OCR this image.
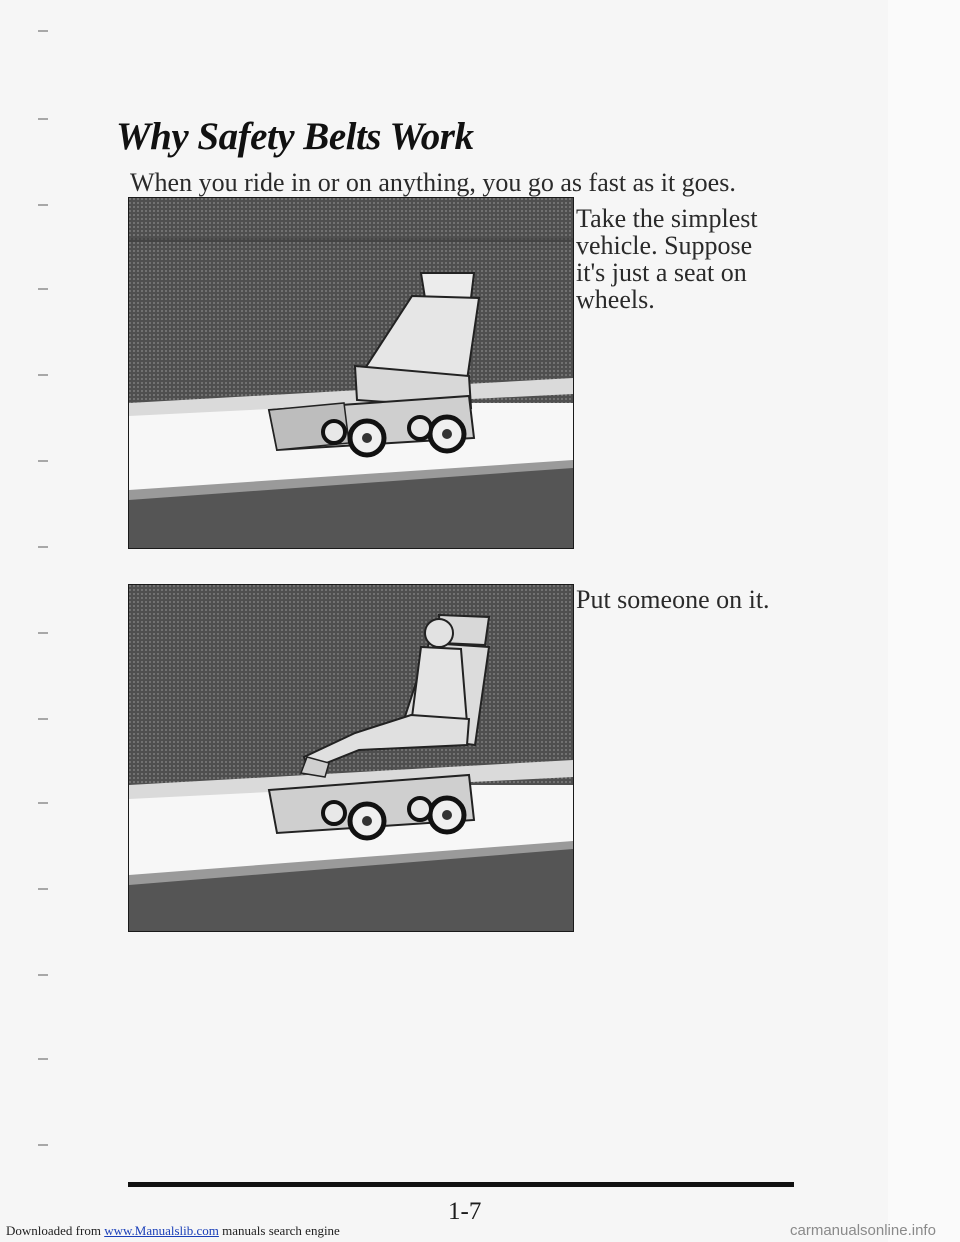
Why Safety Belts Work
When you ride in or on anything, you go as fast as it goes.
Take the simplest vehicle. Suppose it's just a seat on wheels.
Put someone on it.
1-7
Downloaded from www.Manualslib.com manuals search engine	carmanualsonline.info
